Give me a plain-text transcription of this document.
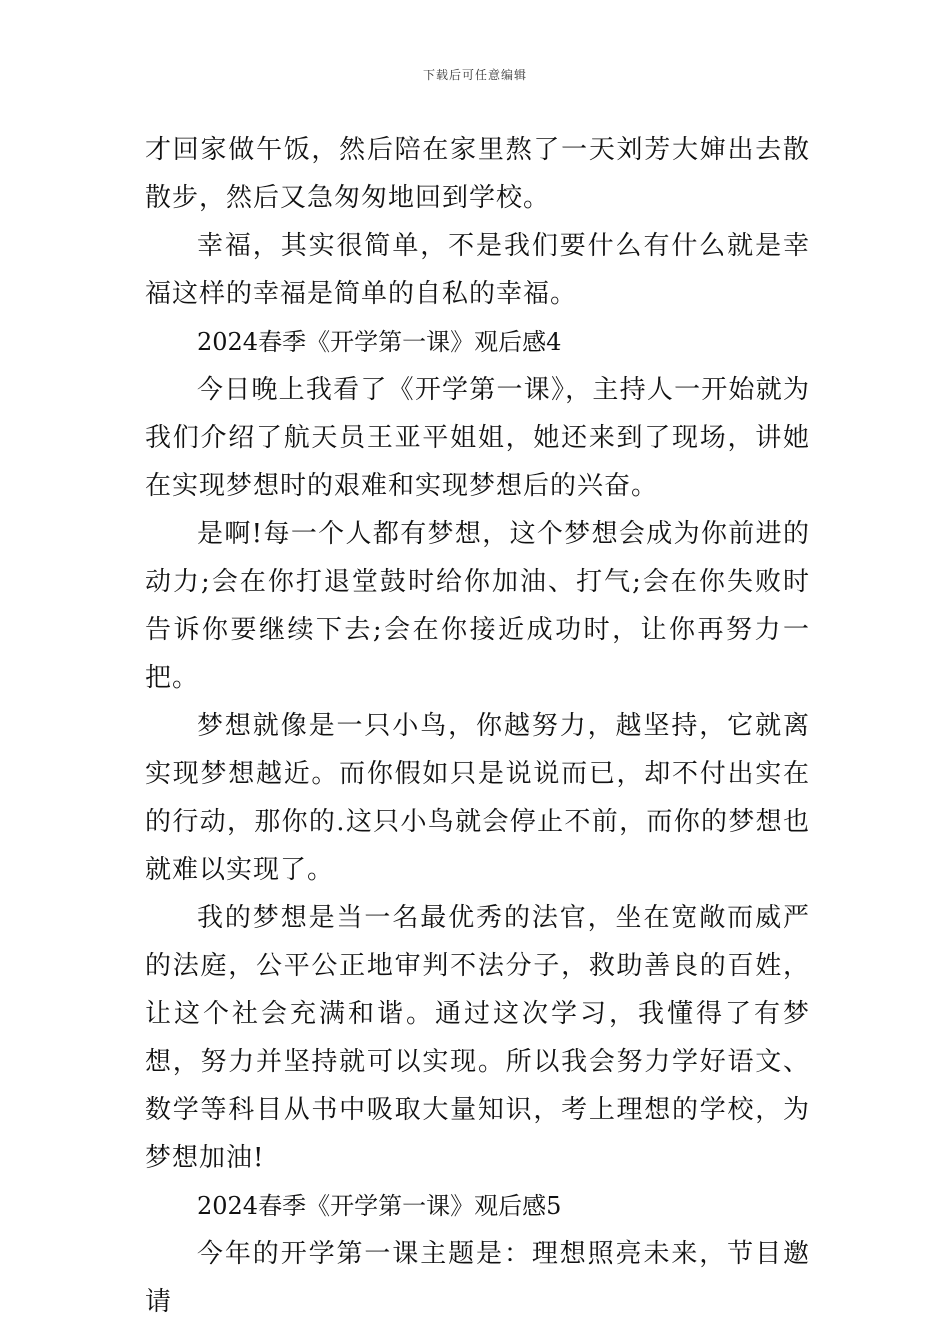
下载后可任意编辑

才回家做午饭，然后陪在家里熬了一天刘芳大婶出去散散步，然后又急匆匆地回到学校。

幸福，其实很简单，不是我们要什么有什么就是幸福这样的幸福是简单的自私的幸福。

2024春季《开学第一课》观后感4

今日晚上我看了《开学第一课》，主持人一开始就为我们介绍了航天员王亚平姐姐，她还来到了现场，讲她在实现梦想时的艰难和实现梦想后的兴奋。

是啊!每一个人都有梦想，这个梦想会成为你前进的动力;会在你打退堂鼓时给你加油、打气;会在你失败时告诉你要继续下去;会在你接近成功时，让你再努力一把。

梦想就像是一只小鸟，你越努力，越坚持，它就离实现梦想越近。而你假如只是说说而已，却不付出实在的行动，那你的.这只小鸟就会停止不前，而你的梦想也就难以实现了。

我的梦想是当一名最优秀的法官，坐在宽敞而威严的法庭，公平公正地审判不法分子，救助善良的百姓，让这个社会充满和谐。通过这次学习，我懂得了有梦想，努力并坚持就可以实现。所以我会努力学好语文、数学等科目从书中吸取大量知识，考上理想的学校，为梦想加油!

2024春季《开学第一课》观后感5

今年的开学第一课主题是：理想照亮未来，节目邀请
